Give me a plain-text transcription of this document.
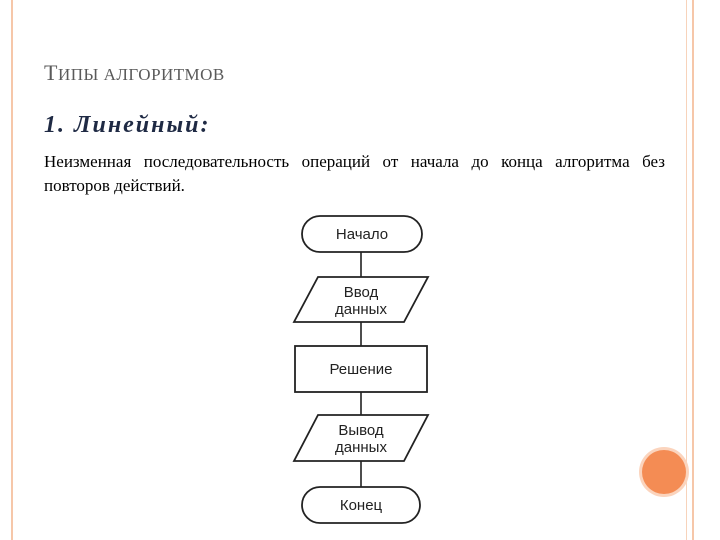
ТИПЫ АЛГОРИТМОВ
1. Линейный:
Неизменная последовательность операций от начала до конца алгоритма без повторов действий.
Начало
Ввод
данных
Решение
Вывод
данных
Конец
